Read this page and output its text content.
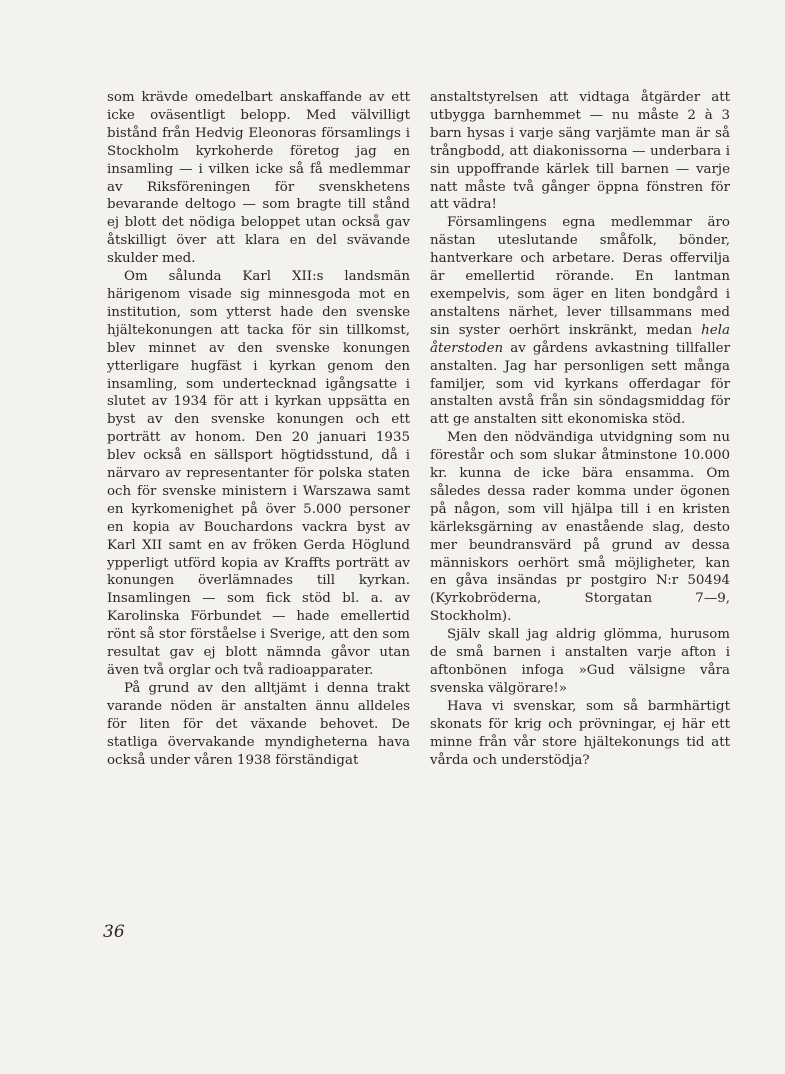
som krävde omedelbart anskaffande av ett icke oväsentligt belopp. Med välvilligt bistånd från Hedvig Eleonoras församlings i Stockholm kyrkoherde företog jag en insamling — i vilken icke så få medlemmar av Riksföreningen för svenskhetens bevarande deltogo — som bragte till stånd ej blott det nödiga beloppet utan också gav åtskilligt över att klara en del svävande skulder med.

Om sålunda Karl XII:s landsmän härigenom visade sig minnesgoda mot en institution, som ytterst hade den svenske hjältekonungen att tacka för sin tillkomst, blev minnet av den svenske konungen ytterligare hugfäst i kyrkan genom den insamling, som undertecknad igångsatte i slutet av 1934 för att i kyrkan uppsätta en byst av den svenske konungen och ett porträtt av honom. Den 20 januari 1935 blev också en sällsport högtidsstund, då i närvaro av representanter för polska staten och för svenske ministern i Warszawa samt en kyrkomenighet på över 5.000 personer en kopia av Bouchardons vackra byst av Karl XII samt en av fröken Gerda Höglund ypperligt utförd kopia av Kraffts porträtt av konungen överlämnades till kyrkan. Insamlingen — som fick stöd bl. a. av Karolinska Förbundet — hade emellertid rönt så stor förståelse i Sverige, att den som resultat gav ej blott nämnda gåvor utan även två orglar och två radioapparater.

På grund av den alltjämt i denna trakt varande nöden är anstalten ännu alldeles för liten för det växande behovet. De statliga övervakande myndigheterna hava också under våren 1938 förständigat

anstaltstyrelsen att vidtaga åtgärder att utbygga barnhemmet — nu måste 2 à 3 barn hysas i varje säng varjämte man är så trångbodd, att diakonissorna — underbara i sin uppoffrande kärlek till barnen — varje natt måste två gånger öppna fönstren för att vädra!

Församlingens egna medlemmar äro nästan uteslutande småfolk, bönder, hantverkare och arbetare. Deras offervilja är emellertid rörande. En lantman exempelvis, som äger en liten bondgård i anstaltens närhet, lever tillsammans med sin syster oerhört inskränkt, medan hela återstoden av gårdens avkastning tillfaller anstalten. Jag har personligen sett många familjer, som vid kyrkans offerdagar för anstalten avstå från sin söndagsmiddag för att ge anstalten sitt ekonomiska stöd.

Men den nödvändiga utvidgning som nu förestår och som slukar åtminstone 10.000 kr. kunna de icke bära ensamma. Om således dessa rader komma under ögonen på någon, som vill hjälpa till i en kristen kärleksgärning av enastående slag, desto mer beundransvärd på grund av dessa människors oerhört små möjligheter, kan en gåva insändas pr postgiro N:r 50494 (Kyrkobröderna, Storgatan 7—9, Stockholm).

Själv skall jag aldrig glömma, hurusom de små barnen i anstalten varje afton i aftonbönen infoga »Gud välsigne våra svenska välgörare!»

Hava vi svenskar, som så barmhärtigt skonats för krig och prövningar, ej här ett minne från vår store hjältekonungs tid att vårda och understödja?

36
